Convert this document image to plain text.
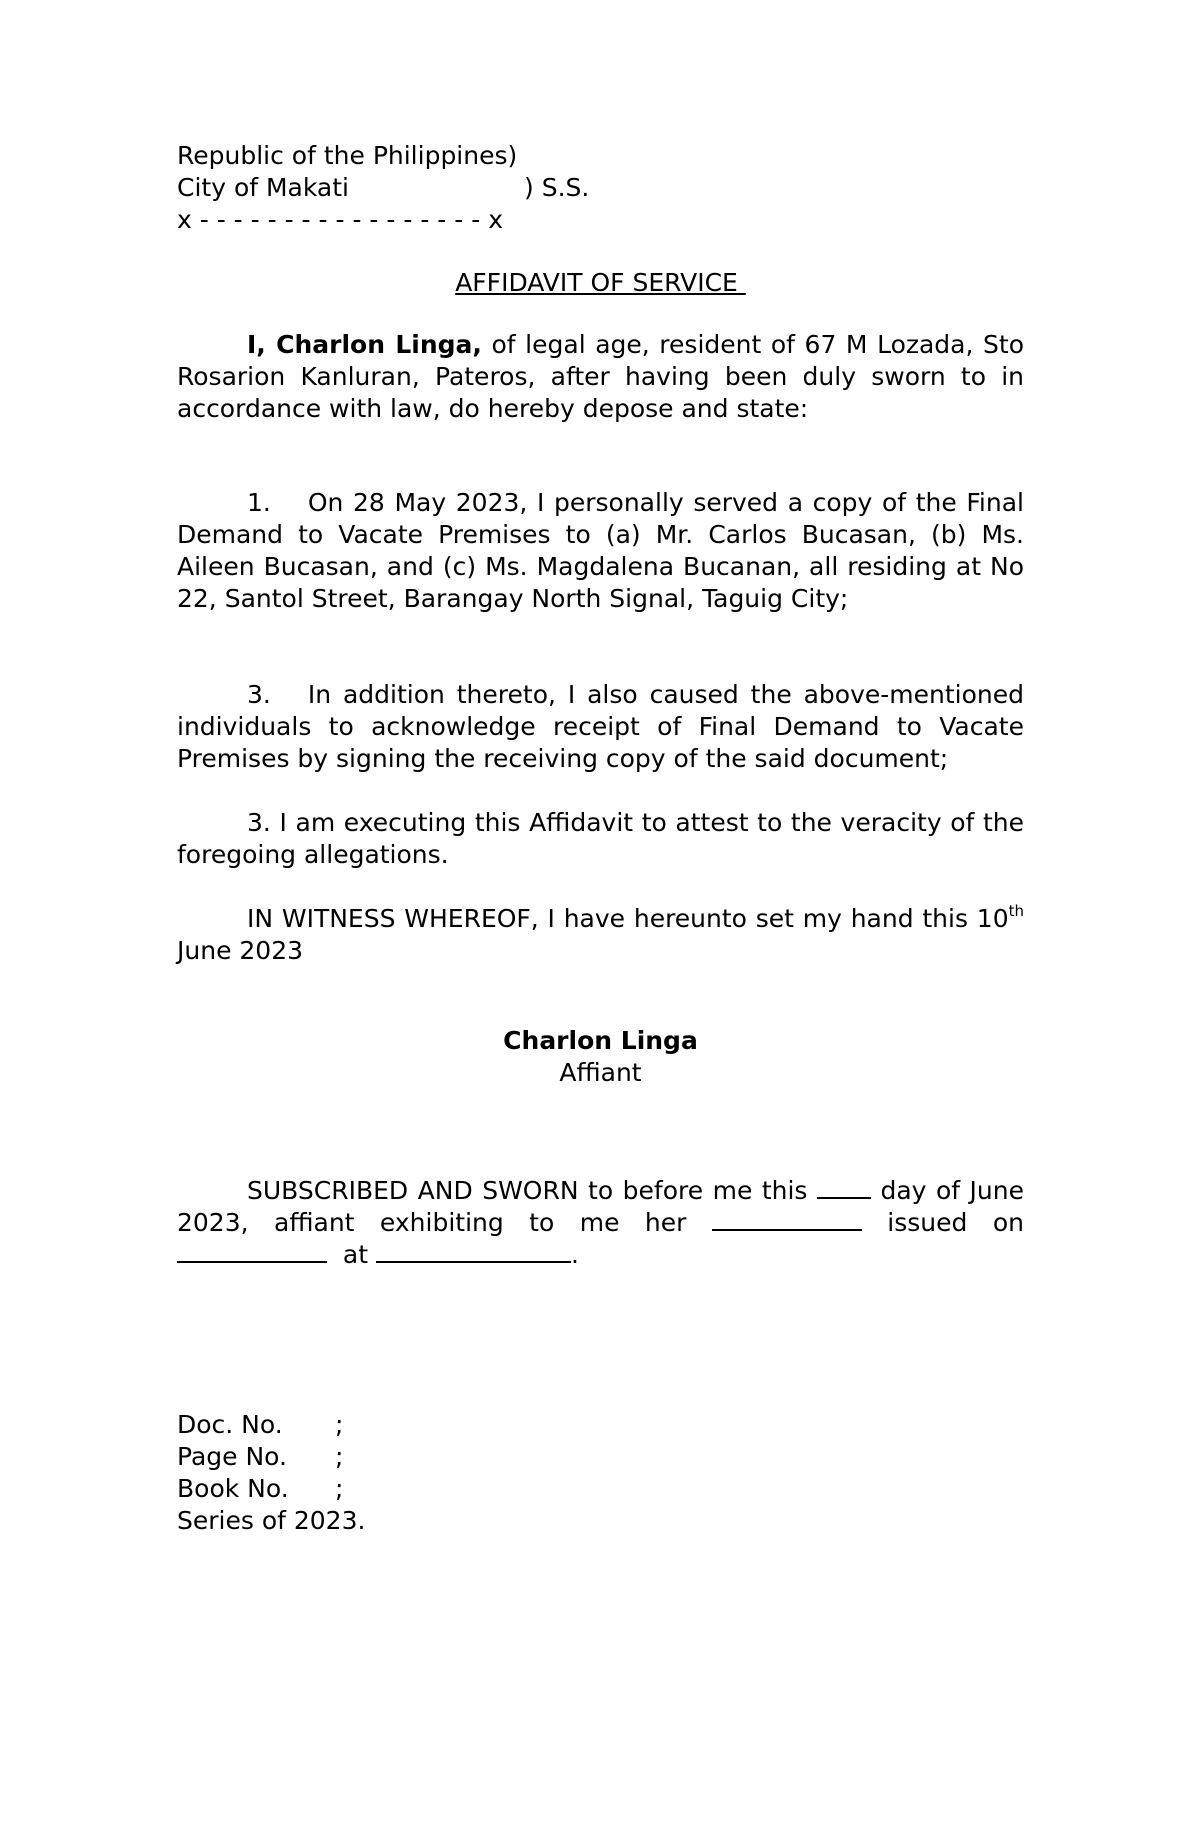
Republic of the Philippines)
City of Makati	) S.S.
x - - - - - - - - - - - - - - - - - x
AFFIDAVIT OF SERVICE

I, Charlon Linga, of legal age, resident of 67 M Lozada, Sto Rosarion Kanluran, Pateros, after having been duly sworn to in accordance with law, do hereby depose and state:

1. On 28 May 2023, I personally served a copy of the Final Demand to Vacate Premises to (a) Mr. Carlos Bucasan, (b) Ms. Aileen Bucasan, and (c) Ms. Magdalena Bucanan, all residing at No 22, Santol Street, Barangay North Signal, Taguig City;

3. In addition thereto, I also caused the above-mentioned individuals to acknowledge receipt of Final Demand to Vacate Premises by signing the receiving copy of the said document;

3. I am executing this Affidavit to attest to the veracity of the foregoing allegations.

IN WITNESS WHEREOF, I have hereunto set my hand this 10th June 2023

Charlon Linga
Affiant

SUBSCRIBED AND SWORN to before me this  day of June 2023, affiant exhibiting to me her	issued on   at	.

Doc. No. ;
Page No. ;
Book No. ;
Series of 2023.
